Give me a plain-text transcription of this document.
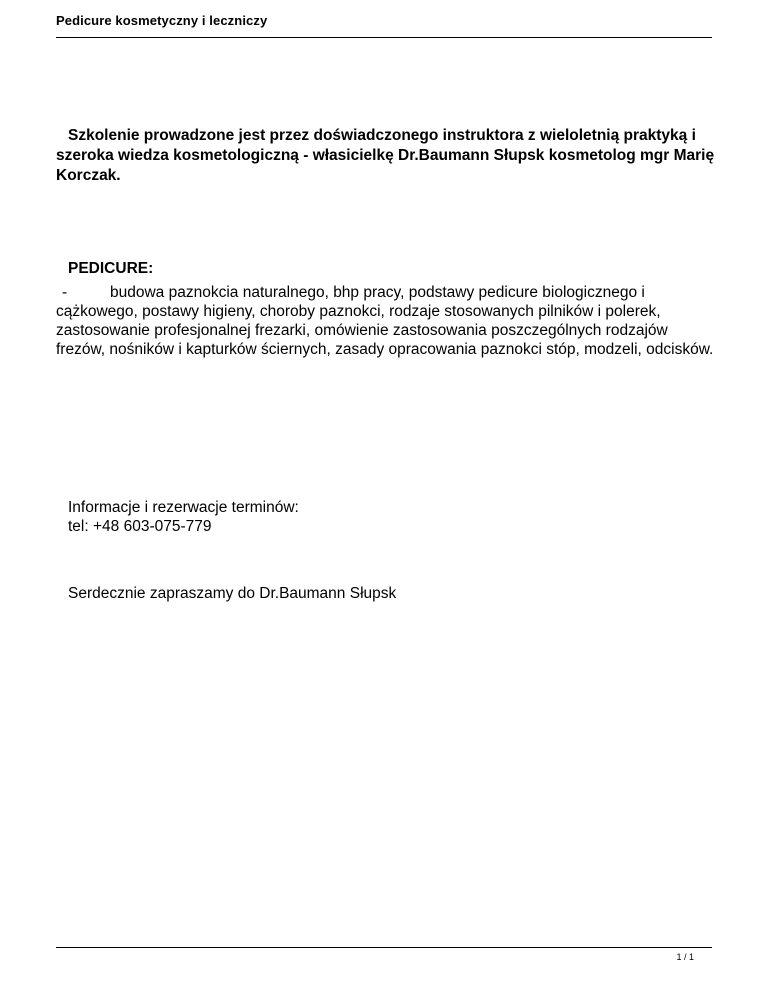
Pedicure kosmetyczny i leczniczy
Szkolenie prowadzone jest przez doświadczonego instruktora z wieloletnią praktyką i szeroka wiedza kosmetologiczną - własicielkę Dr.Baumann Słupsk kosmetolog mgr Marię Korczak.
PEDICURE:
-	budowa paznokcia naturalnego, bhp pracy, podstawy pedicure biologicznego i cążkowego, postawy higieny, choroby paznokci, rodzaje stosowanych pilników i polerek, zastosowanie profesjonalnej frezarki, omówienie zastosowania poszczególnych rodzajów frezów, nośników i kapturków ściernych, zasady opracowania paznokci stóp, modzeli, odcisków.
Informacje i rezerwacje terminów:
tel: +48 603-075-779
Serdecznie zapraszamy do Dr.Baumann Słupsk
1 / 1
